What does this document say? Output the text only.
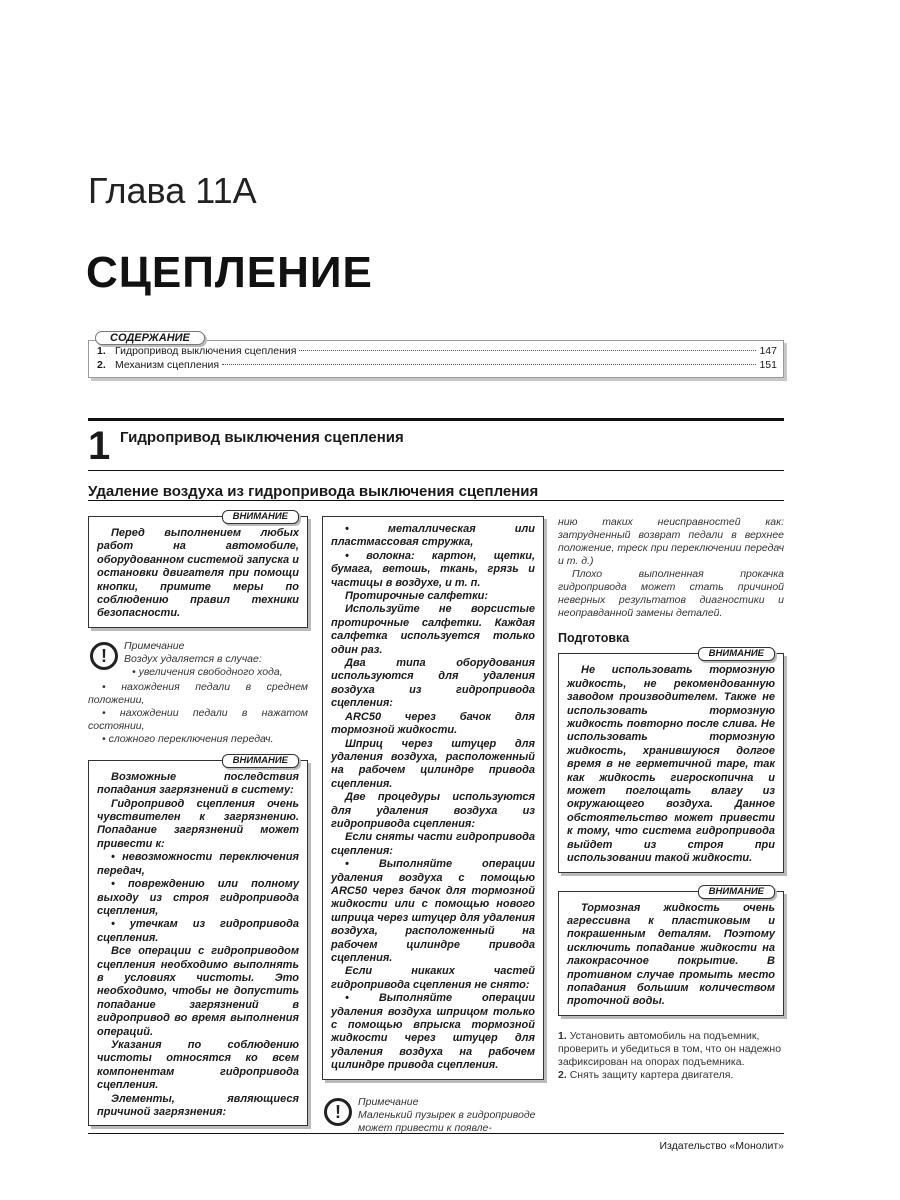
Глава 11А
СЦЕПЛЕНИЕ
СОДЕРЖАНИЕ
1. Гидропривод выключения сцепления	147
2. Механизм сцепления	151
1 Гидропривод выключения сцепления
Удаление воздуха из гидропривода выключения сцепления
ВНИМАНИЕ

Перед выполнением любых работ на автомобиле, оборудованном системой запуска и остановки двигателя при помощи кнопки, примите меры по соблюдению правил техники безопасности.

!	Примечание

Воздух удаляется в случае:

• увеличения свободного хода,

• нахождения педали в среднем положении,

• нахождении педали в нажатом состоянии,

• сложного переключения передач.

ВНИМАНИЕ

Возможные последствия попадания загрязнений в систему:

Гидропривод сцепления очень чувствителен к загрязнению. Попадание загрязнений может привести к:

• невозможности переключения передач,

• повреждению или полному выходу из строя гидропривода сцепления,

• утечкам из гидропривода сцепления.

Все операции с гидроприводом сцепления необходимо выполнять в условиях чистоты. Это необходимо, чтобы не допустить попадание загрязнений в гидропривод во время выполнения операций.

Указания по соблюдению чистоты относятся ко всем компонентам гидропривода сцепления.

Элементы, являющиеся причиной загрязнения:

• металлическая или пластмассовая стружка,

• волокна: картон, щетки, бумага, ветошь, ткань, грязь и частицы в воздухе, и т. п.

Протирочные салфетки:

Используйте не ворсистые протирочные салфетки. Каждая салфетка используется только один раз.

Два типа оборудования используются для удаления воздуха из гидропривода сцепления:

ARC50 через бачок для тормозной жидкости.

Шприц через штуцер для удаления воздуха, расположенный на рабочем цилиндре привода сцепления.

Две процедуры используются для удаления воздуха из гидропривода сцепления:

Если сняты части гидропривода сцепления:

• Выполняйте операции удаления воздуха с помощью ARC50 через бачок для тормозной жидкости или с помощью нового шприца через штуцер для удаления воздуха, расположенный на рабочем цилиндре привода сцепления.

Если никаких частей гидропривода сцепления не снято:

• Выполняйте операции удаления воздуха шприцом только с помощью впрыска тормозной жидкости через штуцер для удаления воздуха на рабочем цилиндре привода сцепления.

!	Примечание

Маленький пузырек в гидроприводе может привести к появле-

нию таких неисправностей как: затрудненный возврат педали в верхнее положение, треск при переключении передач и т. д.)

Плохо выполненная прокачка гидропривода может стать причиной неверных результатов диагностики и неоправданной замены деталей.

Подготовка
ВНИМАНИЕ

Не использовать тормозную жидкость, не рекомендованную заводом производителем. Также не использовать тормозную жидкость повторно после слива. Не использовать тормозную жидкость, хранившуюся долгое время в не герметичной таре, так как жидкость гигроскопична и может поглощать влагу из окружающего воздуха. Данное обстоятельство может привести к тому, что система гидропривода выйдет из строя при использовании такой жидкости.

ВНИМАНИЕ

Тормозная жидкость очень агрессивна к пластиковым и покрашенным деталям. Поэтому исключить попадание жидкости на лакокрасочное покрытие. В противном случае промыть место попадания большим количеством проточной воды.

1. Установить автомобиль на подъемник, проверить и убедиться в том, что он надежно зафиксирован на опорах подъемника.

2. Снять защиту картера двигателя.

Издательство «Монолит»
